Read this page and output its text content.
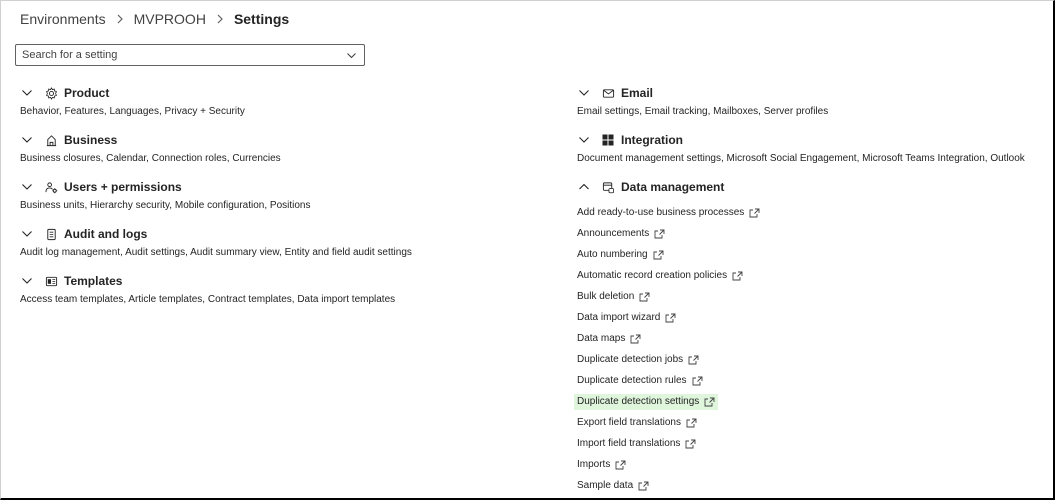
Environments MVPROOH Settings
Search for a setting
Product
Behavior, Features, Languages, Privacy + Security
Business
Business closures, Calendar, Connection roles, Currencies
Users + permissions
Business units, Hierarchy security, Mobile configuration, Positions
Audit and logs
Audit log management, Audit settings, Audit summary view, Entity and field audit settings
Templates
Access team templates, Article templates, Contract templates, Data import templates
Email
Email settings, Email tracking, Mailboxes, Server profiles
Integration
Document management settings, Microsoft Social Engagement, Microsoft Teams Integration, Outlook
Data management
Add ready-to-use business processes
Announcements
Auto numbering
Automatic record creation policies
Bulk deletion
Data import wizard
Data maps
Duplicate detection jobs
Duplicate detection rules
Duplicate detection settings
Export field translations
Import field translations
Imports
Sample data
